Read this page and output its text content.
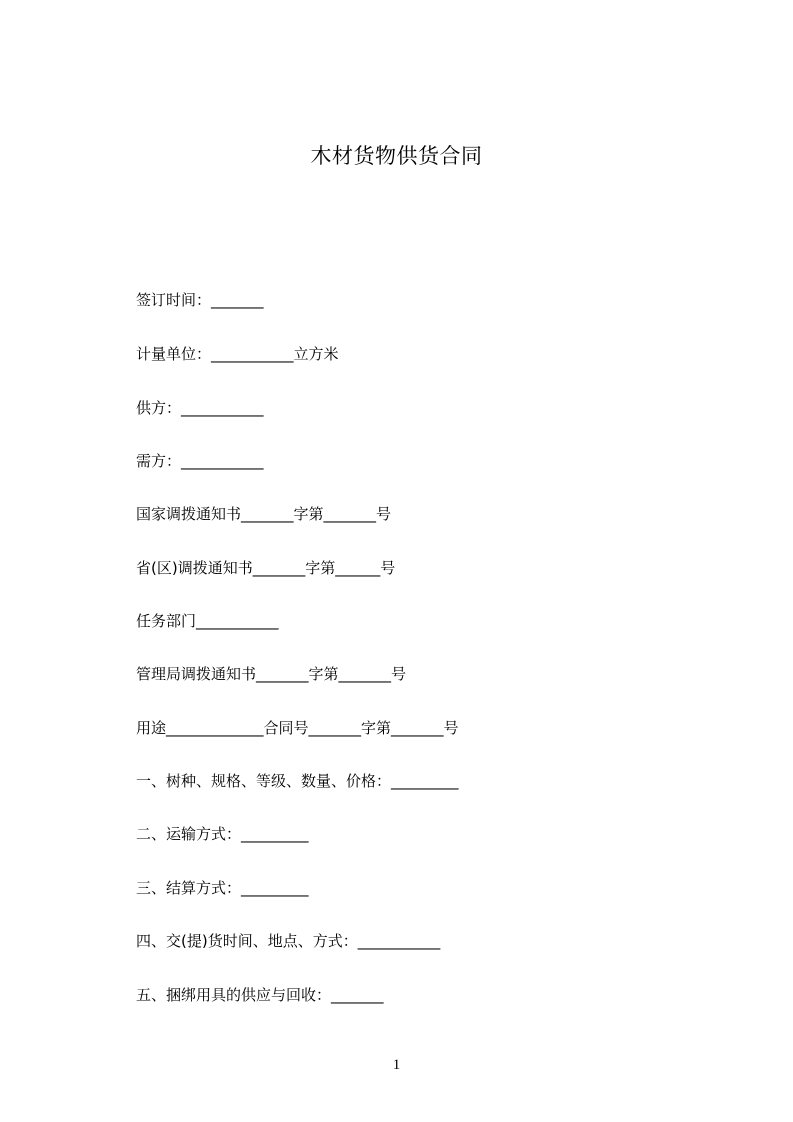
木材货物供货合同
签订时间：_______
计量单位：___________立方米
供方：___________
需方：___________
国家调拨通知书_______字第_______号
省(区)调拨通知书_______字第______号
任务部门___________
管理局调拨通知书_______字第_______号
用途_____________合同号_______字第_______号
一、树种、规格、等级、数量、价格：_________
二、运输方式：_________
三、结算方式：_________
四、交(提)货时间、地点、方式：___________
五、捆绑用具的供应与回收：_______
1
